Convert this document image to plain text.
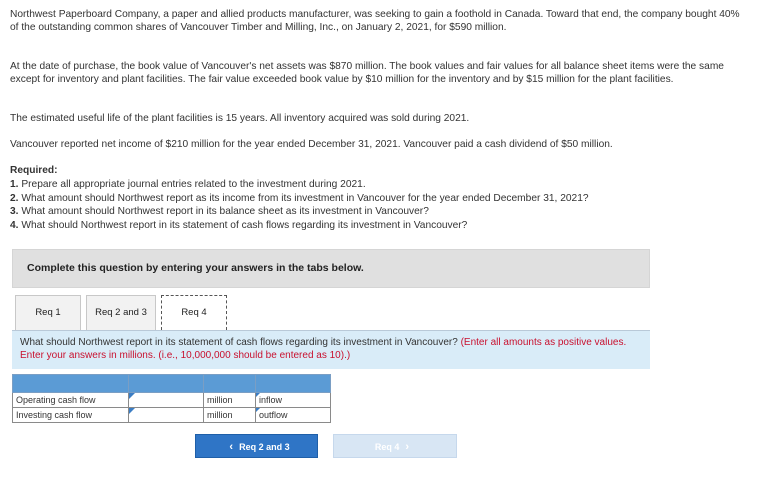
Northwest Paperboard Company, a paper and allied products manufacturer, was seeking to gain a foothold in Canada. Toward that end, the company bought 40% of the outstanding common shares of Vancouver Timber and Milling, Inc., on January 2, 2021, for $590 million.

At the date of purchase, the book value of Vancouver's net assets was $870 million. The book values and fair values for all balance sheet items were the same except for inventory and plant facilities. The fair value exceeded book value by $10 million for the inventory and by $15 million for the plant facilities.

The estimated useful life of the plant facilities is 15 years. All inventory acquired was sold during 2021.

Vancouver reported net income of $210 million for the year ended December 31, 2021. Vancouver paid a cash dividend of $50 million.

Required:

1. Prepare all appropriate journal entries related to the investment during 2021.
2. What amount should Northwest report as its income from its investment in Vancouver for the year ended December 31, 2021?
3. What amount should Northwest report in its balance sheet as its investment in Vancouver?
4. What should Northwest report in its statement of cash flows regarding its investment in Vancouver?
Complete this question by entering your answers in the tabs below.
Req 1	Req 2 and 3	Req 4
What should Northwest report in its statement of cash flows regarding its investment in Vancouver? (Enter all amounts as positive values. Enter your answers in millions. (i.e., 10,000,000 should be entered as 10).)

Operating cash flow		million	inflow
Investing cash flow		million	outflow
‹ Req 2 and 3	Req 4 ›
